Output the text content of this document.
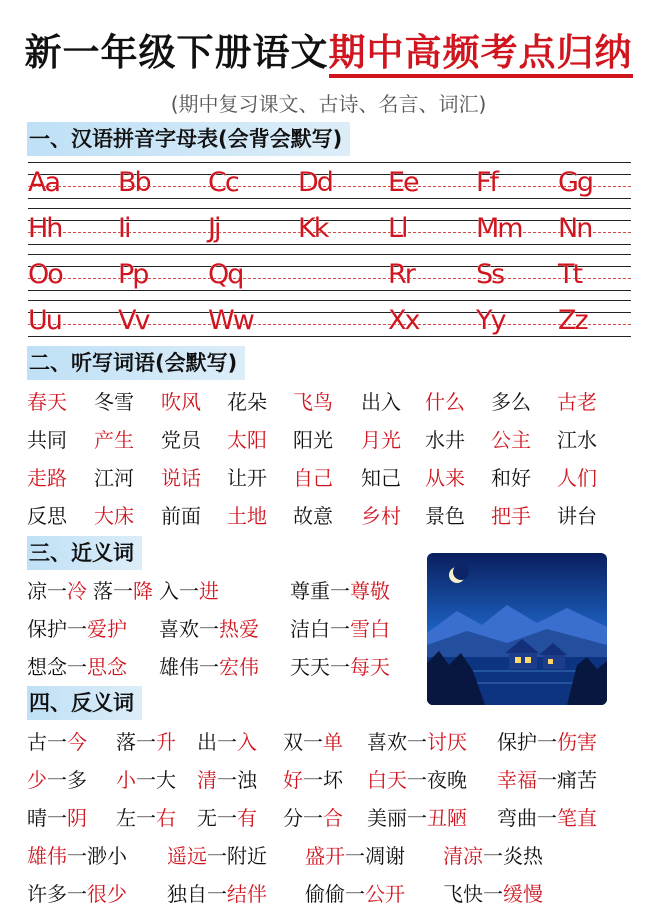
新一年级下册语文期中高频考点归纳
(期中复习课文、古诗、名言、词汇)
一、汉语拼音字母表(会背会默写)
Aa Bb Cc Dd Ee Ff Gg
Hh Ii	Jj	Kk Ll	Mm Nn
Oo Pp Qq	Rr Ss Tt
Uu Vv Ww	Xx Yy Zz
二、听写词语(会默写)
春天 冬雪 吹风 花朵 飞鸟 出入 什么 多么 古老
共同 产生 党员 太阳 阳光 月光 水井 公主 江水
走路 江河 说话 让开 自己 知己 从来 和好 人们
反思 大床 前面 土地 故意 乡村 景色 把手 讲台
三、近义词
凉一冷 落一降 入一进	尊重一尊敬
保护一爱护 喜欢一热爱 洁白一雪白
想念一思念 雄伟一宏伟 天天一每天
四、反义词
古一今 落一升 出一入 双一单 喜欢一讨厌 保护一伤害
少一多 小一大 清一浊 好一坏 白天一夜晚 幸福一痛苦
晴一阴 左一右 无一有 分一合 美丽一丑陋 弯曲一笔直
雄伟一渺小 遥远一附近 盛开一凋谢 清凉一炎热
许多一很少 独自一结伴 偷偷一公开 飞快一缓慢
